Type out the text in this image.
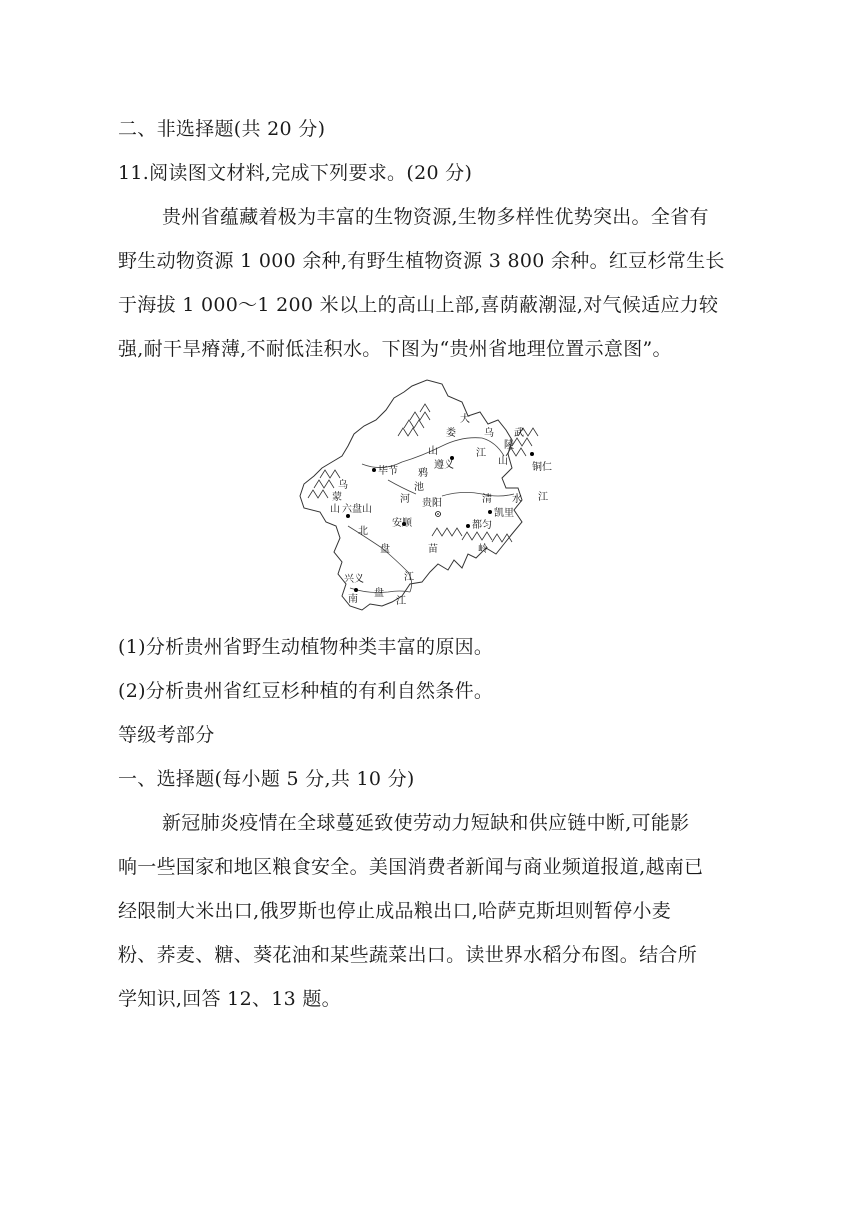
二、非选择题(共 20 分)
11.阅读图文材料,完成下列要求。(20 分)
贵州省蕴藏着极为丰富的生物资源,生物多样性优势突出。全省有
野生动物资源 1 000 余种,有野生植物资源 3 800 余种。红豆杉常生长
于海拔 1 000～1 200 米以上的高山上部,喜荫蔽潮湿,对气候适应力较
强,耐干旱瘠薄,不耐低洼积水。下图为“贵州省地理位置示意图”。
大
娄
山
乌
江
武
陵
山
铜仁
遵义
毕节
乌
蒙
山 六盘山
鸦
池
河 贵阳	清 水 江
凯里
安顺
北
盘	苗	岭
都匀
江
兴义
南
盘
江
(1)分析贵州省野生动植物种类丰富的原因。
(2)分析贵州省红豆杉种植的有利自然条件。
等级考部分
一、选择题(每小题 5 分,共 10 分)
新冠肺炎疫情在全球蔓延致使劳动力短缺和供应链中断,可能影
响一些国家和地区粮食安全。美国消费者新闻与商业频道报道,越南已
经限制大米出口,俄罗斯也停止成品粮出口,哈萨克斯坦则暂停小麦
粉、荞麦、糖、葵花油和某些蔬菜出口。读世界水稻分布图。结合所
学知识,回答 12、13 题。
